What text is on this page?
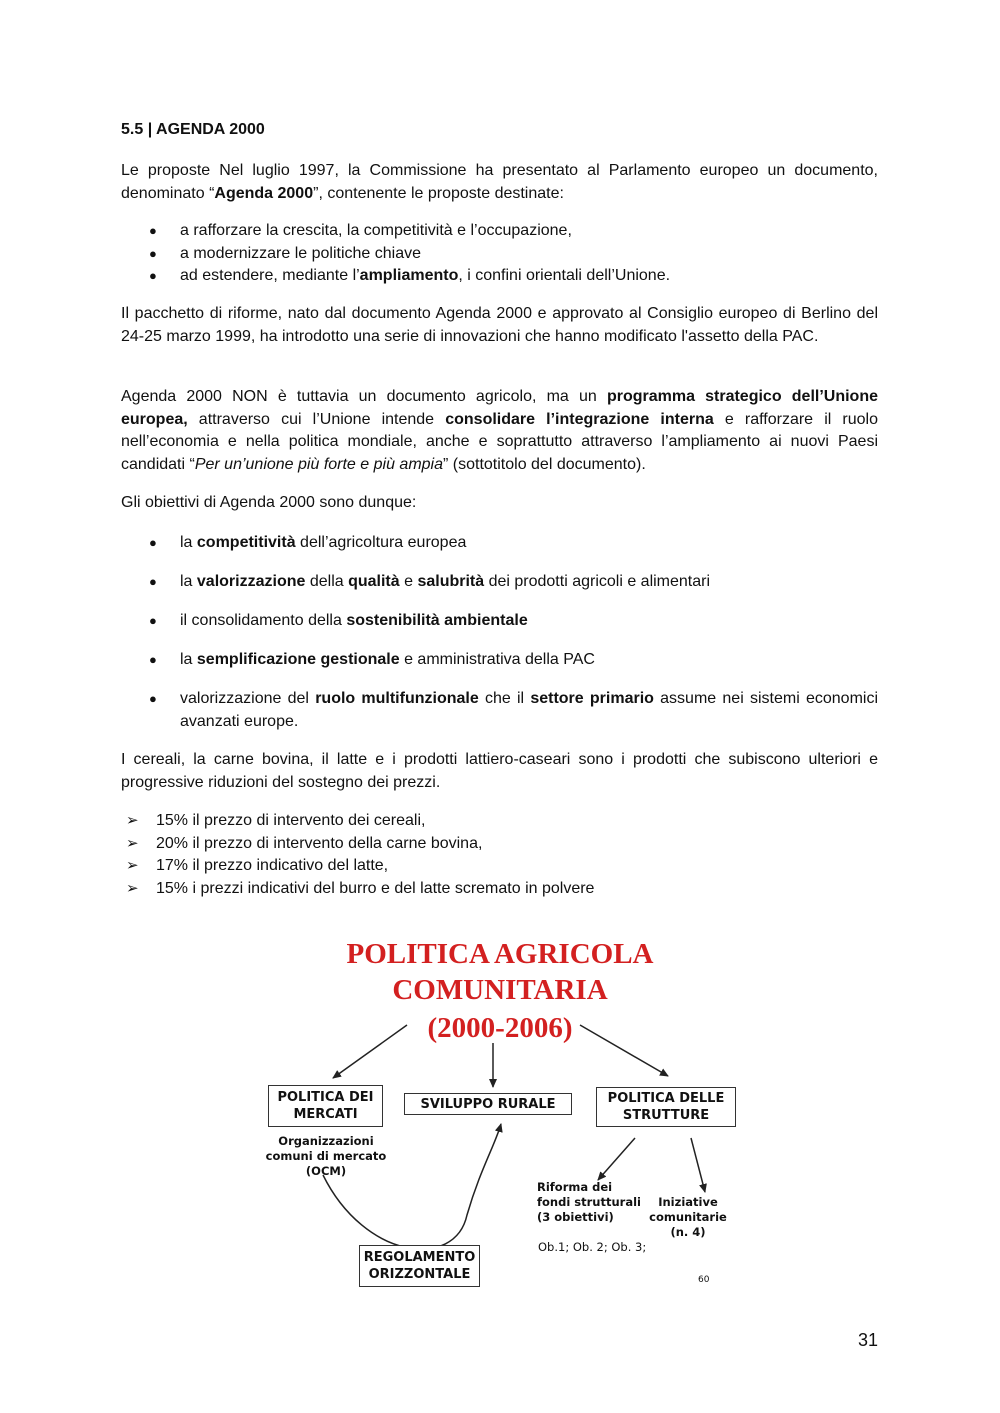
5.5 | AGENDA 2000

Le proposte Nel luglio 1997, la Commissione ha presentato al Parlamento europeo un documento, denominato “Agenda 2000”, contenente le proposte destinate:

● a rafforzare la crescita, la competitività e l’occupazione,
● a modernizzare le politiche chiave
● ad estendere, mediante l’ampliamento, i confini orientali dell’Unione.

Il pacchetto di riforme, nato dal documento Agenda 2000 e approvato al Consiglio europeo di Berlino del 24-25 marzo 1999, ha introdotto una serie di innovazioni che hanno modificato l'assetto della PAC.

Agenda 2000 NON è tuttavia un documento agricolo, ma un programma strategico dell’Unione europea, attraverso cui l’Unione intende consolidare l’integrazione interna e rafforzare il ruolo nell’economia e nella politica mondiale, anche e soprattutto attraverso l’ampliamento ai nuovi Paesi candidati “Per un’unione più forte e più ampia” (sottotitolo del documento).

Gli obiettivi di Agenda 2000 sono dunque:

● la competitività dell’agricoltura europea
● la valorizzazione della qualità e salubrità dei prodotti agricoli e alimentari
● il consolidamento della sostenibilità ambientale
● la semplificazione gestionale e amministrativa della PAC
● valorizzazione del ruolo multifunzionale che il settore primario assume nei sistemi economici avanzati europe.

I cereali, la carne bovina, il latte e i prodotti lattiero-caseari sono i prodotti che subiscono ulteriori e progressive riduzioni del sostegno dei prezzi.

➢ 15% il prezzo di intervento dei cereali,
➢ 20% il prezzo di intervento della carne bovina,
➢ 17% il prezzo indicativo del latte,
➢ 15% i prezzi indicativi del burro e del latte scremato in polvere
POLITICA AGRICOLA
COMUNITARIA
(2000-2006)
POLITICA DEI
MERCATI
SVILUPPO RURALE	POLITICA DELLE
STRUTTURE
Organizzazioni
comuni di mercato
(OCM)
REGOLAMENTO
ORIZZONTALE
Riforma dei
fondi strutturali
(3 obiettivi)
Iniziative
comunitarie
(n. 4)
Ob.1; Ob. 2; Ob. 3;
60
31
